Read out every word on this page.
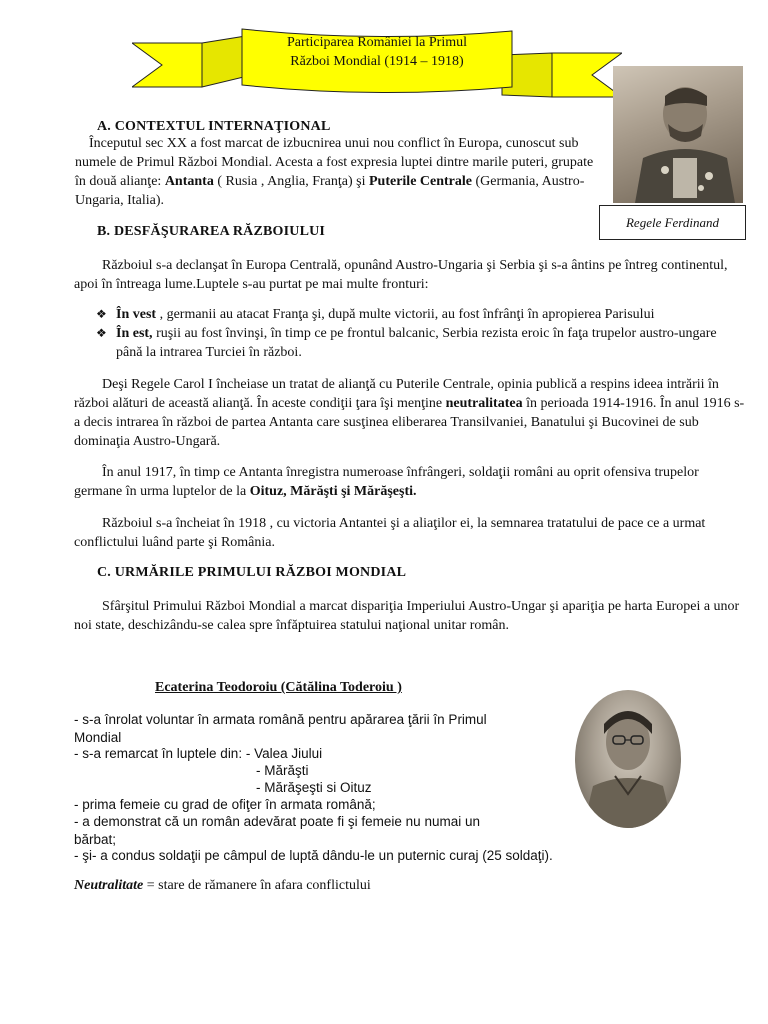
Participarea României la Primul
Război Mondial (1914 – 1918)
Regele Ferdinand
A. CONTEXTUL INTERNAŢIONAL
Începutul sec XX a fost marcat de izbucnirea unui nou conflict în Europa, cunoscut sub numele de Primul Război Mondial. Acesta a fost expresia luptei dintre marile puteri, grupate în două alianţe: Antanta ( Rusia , Anglia, Franţa) şi Puterile Centrale (Germania, Austro-Ungaria, Italia).
B. DESFĂŞURAREA RĂZBOIULUI
Războiul s-a declanşat în Europa Centrală, opunând Austro-Ungaria şi Serbia şi s-a ântins pe întreg continentul, apoi în întreaga lume.Luptele s-au purtat pe mai multe fronturi:
❖ În vest , germanii au atacat Franţa şi, după multe victorii, au fost înfrânţi în apropierea Parisului
❖ În est, ruşii au fost învinşi, în timp ce pe frontul balcanic, Serbia rezista eroic în faţa trupelor austro-ungare până la intrarea Turciei în război.
Deşi Regele Carol I încheiase un tratat de alianţă cu Puterile Centrale, opinia publică a respins ideea intrării în război alături de această alianţă. În aceste condiţii ţara îşi menţine neutralitatea în perioada 1914-1916. În anul 1916 s-a decis intrarea în război de partea Antanta care susţinea eliberarea Transilvaniei, Banatului şi Bucovinei de sub dominaţia Austro-Ungară.
În anul 1917, în timp ce Antanta înregistra numeroase înfrângeri, soldaţii români au oprit ofensiva trupelor germane în urma luptelor de la Oituz, Mărăşti şi Mărăşeşti.
Războiul s-a încheiat în 1918 , cu victoria Antantei şi a aliaţilor ei, la semnarea tratatului de pace ce a urmat conflictului luând parte şi România.
C. URMĂRILE PRIMULUI RĂZBOI MONDIAL
Sfârşitul Primului Război Mondial a marcat dispariţia Imperiului Austro-Ungar şi apariţia pe harta Europei a unor noi state, deschizându-se calea spre înfăptuirea statului naţional unitar român.
Ecaterina Teodoroiu (Cătălina Toderoiu )
- s-a înrolat voluntar în armata română pentru apărarea ţării în Primul Mondial
- s-a remarcat în luptele din: - Valea Jiului
- Mărăşti
- Mărăşeşti si Oituz
- prima femeie cu grad de ofiţer în armata română;
- a demonstrat că un român adevărat poate fi şi femeie nu numai un bărbat;
- şi- a condus soldaţii pe câmpul de luptă dându-le un puternic curaj (25 soldaţi).
Neutralitate = stare de rămanere în afara conflictului
